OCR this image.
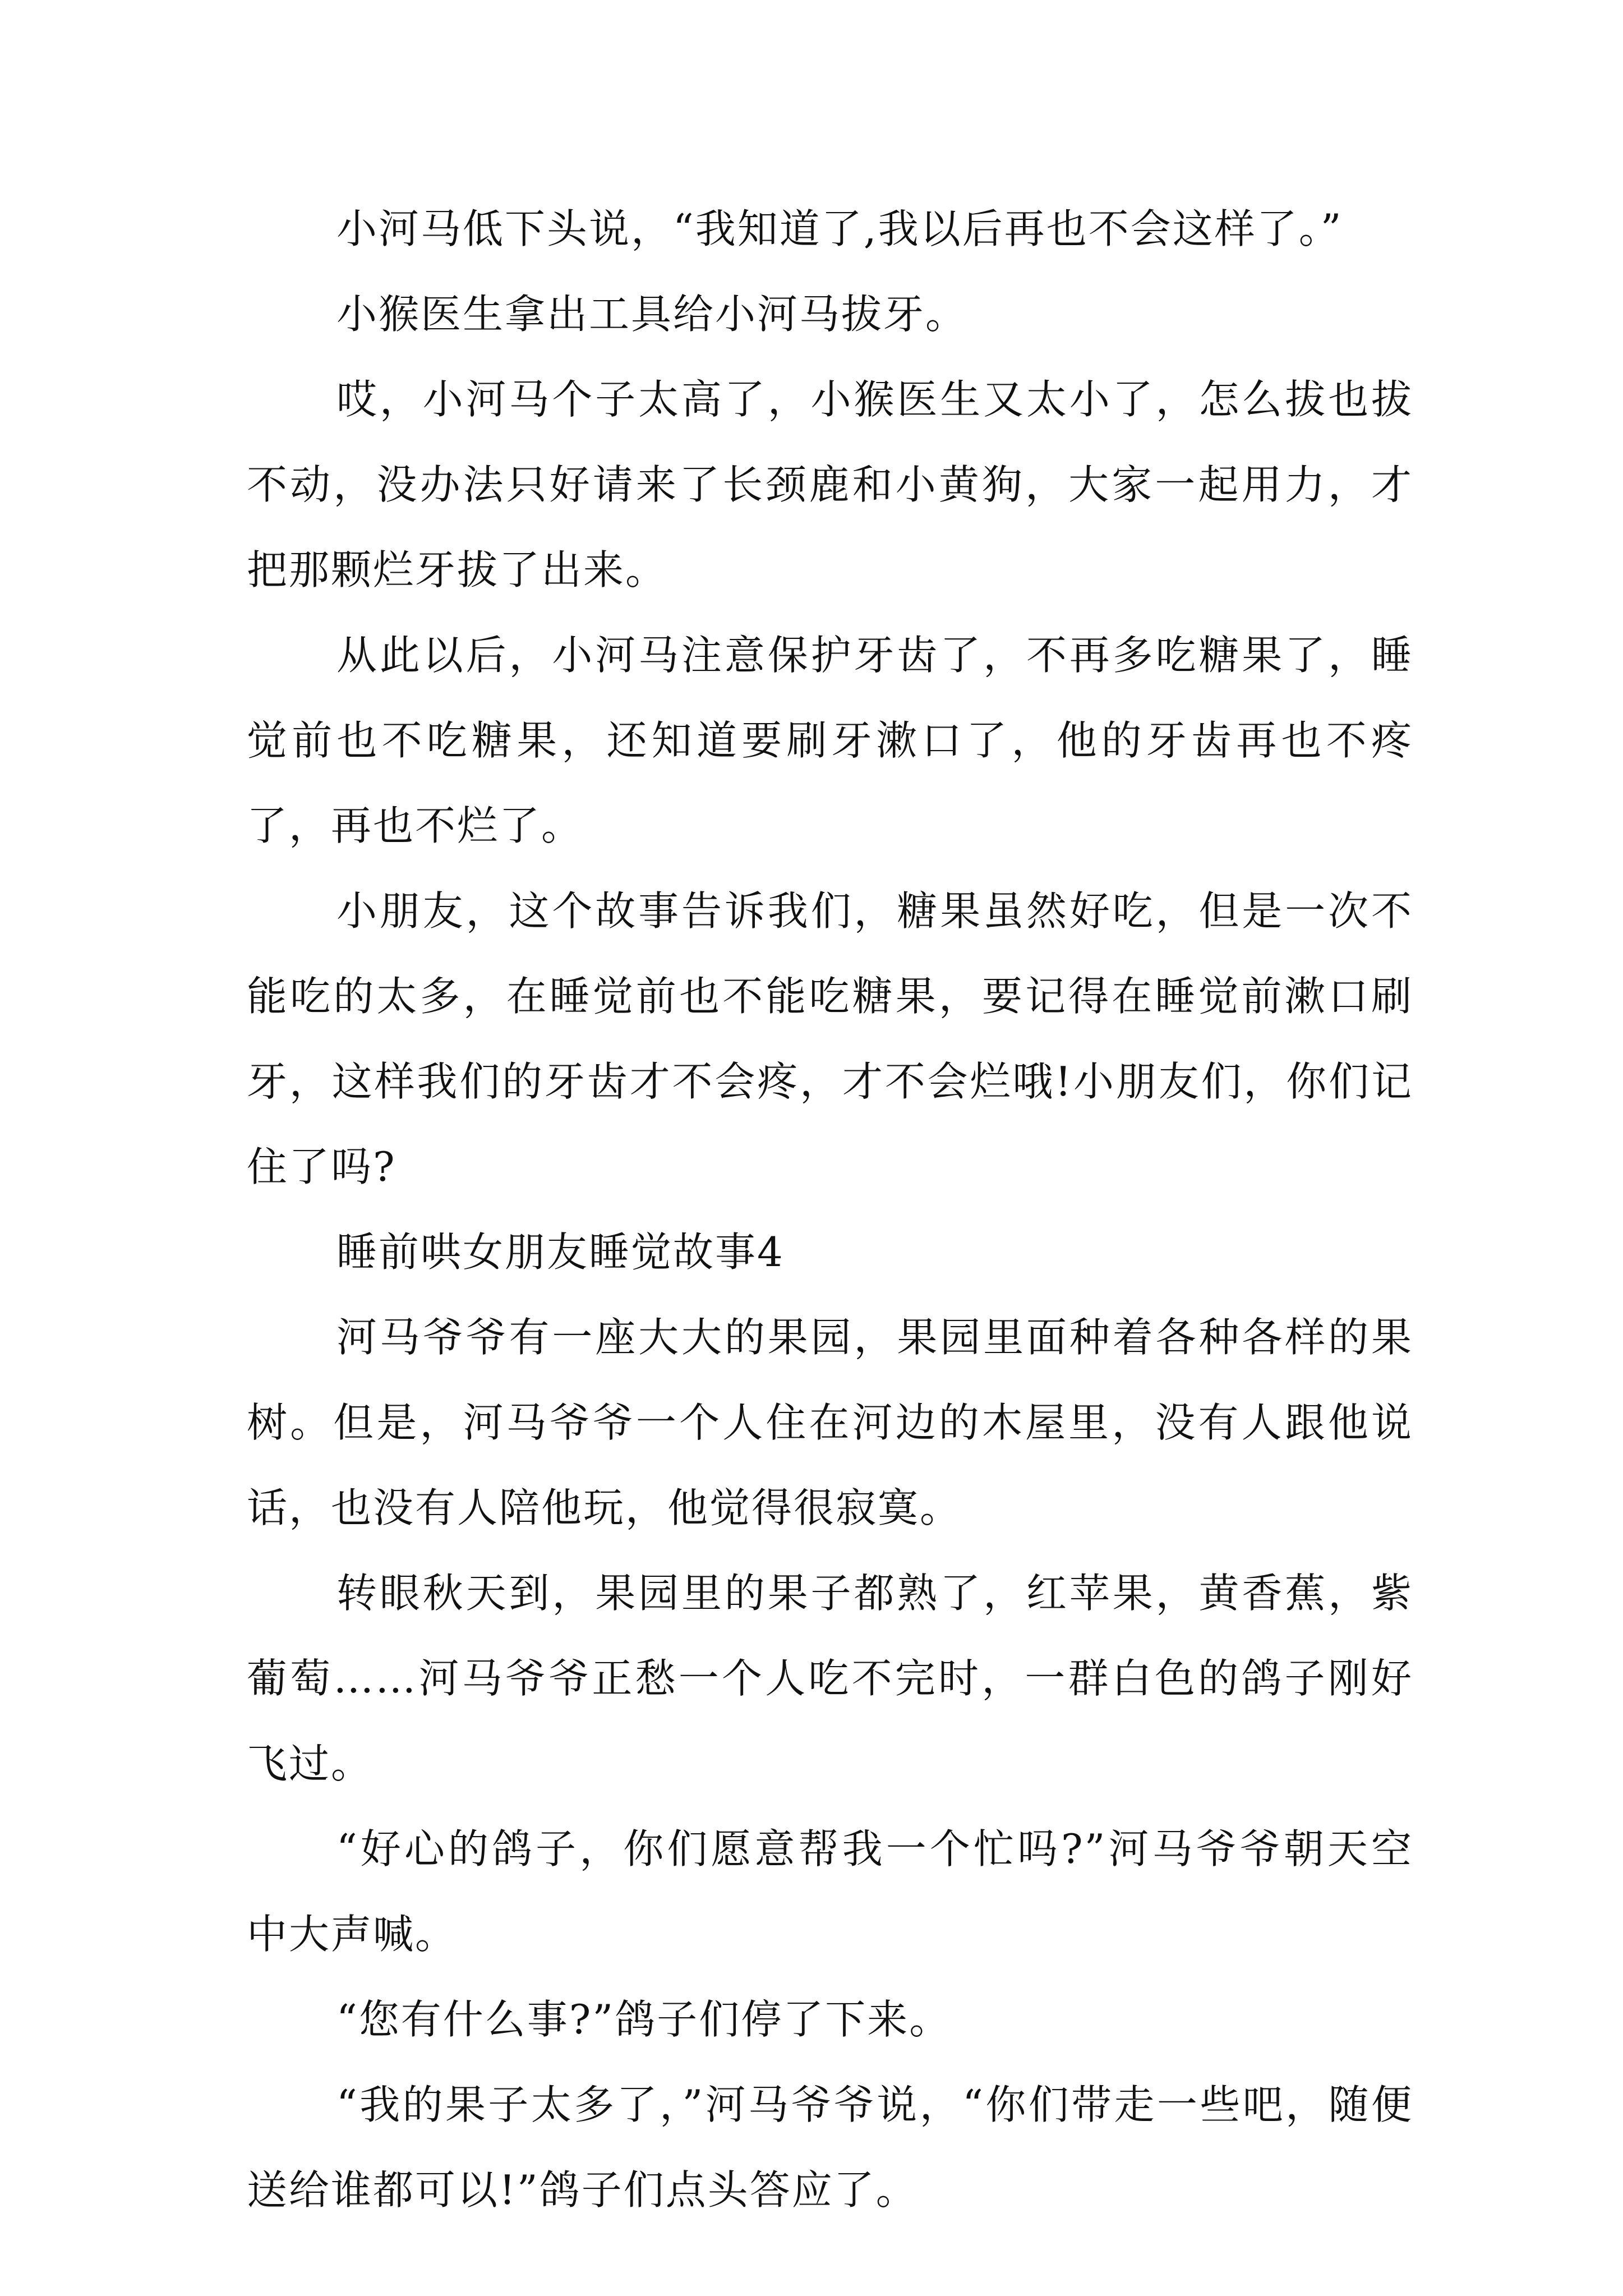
小河马低下头说，“我知道了,我以后再也不会这样了。”

小猴医生拿出工具给小河马拔牙。

哎，小河马个子太高了，小猴医生又太小了，怎么拔也拔不动，没办法只好请来了长颈鹿和小黄狗，大家一起用力，才把那颗烂牙拔了出来。

从此以后，小河马注意保护牙齿了，不再多吃糖果了，睡觉前也不吃糖果，还知道要刷牙漱口了，他的牙齿再也不疼了，再也不烂了。

小朋友，这个故事告诉我们，糖果虽然好吃，但是一次不能吃的太多，在睡觉前也不能吃糖果，要记得在睡觉前漱口刷牙，这样我们的牙齿才不会疼，才不会烂哦!小朋友们，你们记住了吗?

睡前哄女朋友睡觉故事4

河马爷爷有一座大大的果园，果园里面种着各种各样的果树。但是，河马爷爷一个人住在河边的木屋里，没有人跟他说话，也没有人陪他玩，他觉得很寂寞。

转眼秋天到，果园里的果子都熟了，红苹果，黄香蕉，紫葡萄……河马爷爷正愁一个人吃不完时，一群白色的鸽子刚好飞过。

“好心的鸽子，你们愿意帮我一个忙吗?”河马爷爷朝天空中大声喊。

“您有什么事?”鸽子们停了下来。

“我的果子太多了，”河马爷爷说，“你们带走一些吧，随便送给谁都可以!”鸽子们点头答应了。
